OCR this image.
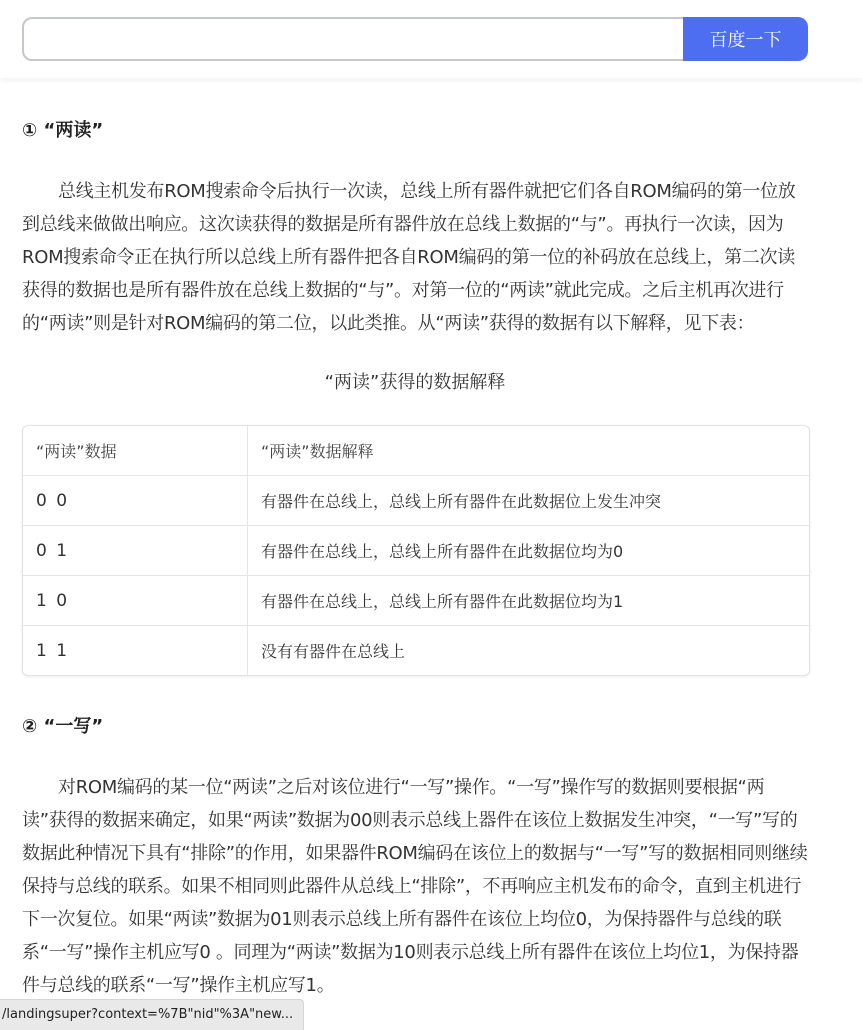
百度一下
① “两读”

总线主机发布ROM搜索命令后执行一次读，总线上所有器件就把它们各自ROM编码的第一位放到总线来做做出响应。这次读获得的数据是所有器件放在总线上数据的“与”。再执行一次读，因为ROM搜索命令正在执行所以总线上所有器件把各自ROM编码的第一位的补码放在总线上，第二次读获得的数据也是所有器件放在总线上数据的“与”。对第一位的“两读”就此完成。之后主机再次进行的“两读”则是针对ROM编码的第二位，以此类推。从“两读”获得的数据有以下解释，见下表：

“两读”获得的数据解释
“两读”数据	“两读”数据解释
0 0	有器件在总线上，总线上所有器件在此数据位上发生冲突
0 1	有器件在总线上，总线上所有器件在此数据位均为0
1 0	有器件在总线上，总线上所有器件在此数据位均为1
1 1	没有有器件在总线上
② “一写”

对ROM编码的某一位“两读”之后对该位进行“一写”操作。“一写”操作写的数据则要根据“两读”获得的数据来确定，如果“两读”数据为00则表示总线上器件在该位上数据发生冲突，“一写”写的数据此种情况下具有“排除”的作用，如果器件ROM编码在该位上的数据与“一写”写的数据相同则继续保持与总线的联系。如果不相同则此器件从总线上“排除”，不再响应主机发布的命令，直到主机进行下一次复位。如果“两读”数据为01则表示总线上所有器件在该位上均位0，为保持器件与总线的联系“一写”操作主机应写0 。同理为“两读”数据为10则表示总线上所有器件在该位上均位1，为保持器件与总线的联系“一写”操作主机应写1。

/landingsuper?context=%7B"nid"%3A"new...
